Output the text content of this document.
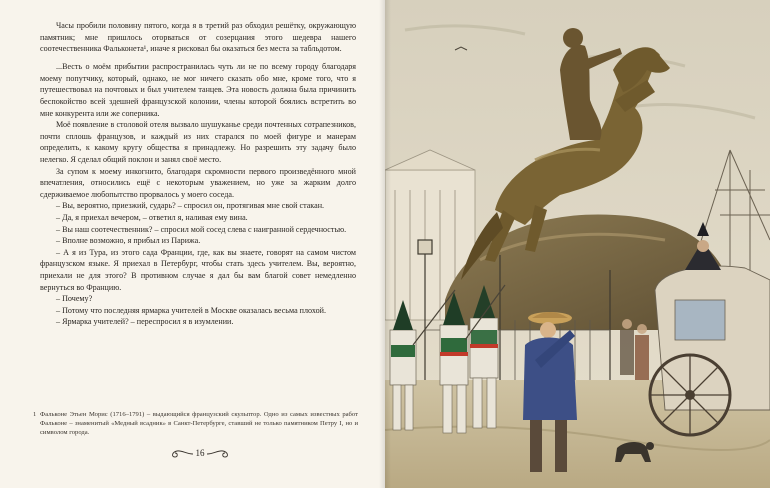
Часы пробили половину пятого, когда я в третий раз обходил решётку, окружающую памятник; мне пришлось оторваться от созерцания этого шедевра нашего соотечественника Фальконета¹, иначе я рисковал бы оказаться без места за табльдотом.

...Весть о моём прибытии распространилась чуть ли не по всему городу благодаря моему попутчику, который, однако, не мог ничего сказать обо мне, кроме того, что я путешествовал на почтовых и был учителем танцев. Эта новость должна была причинить беспокойство всей здешней французской колонии, члены которой боялись встретить во мне конкурента или же соперника.

Моё появление в столовой отеля вызвало шушуканье среди почтенных сотрапезников, почти сплошь французов, и каждый из них старался по моей фигуре и манерам определить, к какому кругу общества я принадлежу. Но разрешить эту задачу было нелегко. Я сделал общий поклон и занял своё место.

За супом к моему инкогнито, благодаря скромности первого произведённого мной впечатления, относились ещё с некоторым уважением, но уже за жарким долго сдерживаемое любопытство прорвалось у моего соседа.

– Вы, вероятно, приезжий, сударь? – спросил он, протягивая мне свой стакан.

– Да, я приехал вечером, – ответил я, наливая ему вина.

– Вы наш соотечественник? – спросил мой сосед слева с наигранной сердечностью.

– Вполне возможно, я прибыл из Парижа.

– А я из Тура, из этого сада Франции, где, как вы знаете, говорят на самом чистом французском языке. Я приехал в Петербург, чтобы стать здесь учителем. Вы, вероятно, приехали не для этого? В противном случае я дал бы вам благой совет немедленно вернуться во Францию.

– Почему?

– Потому что последняя ярмарка учителей в Москве оказалась весьма плохой.

– Ярмарка учителей? – переспросил я в изумлении.

1 Фальконе Этьен Морис (1716–1791) – выдающийся французский скульптор. Одно из самых известных работ Фальконе – знаменитый «Медный всадник» в Санкт-Петербурге, ставший не только памятником Петру I, но и символом города.
16
